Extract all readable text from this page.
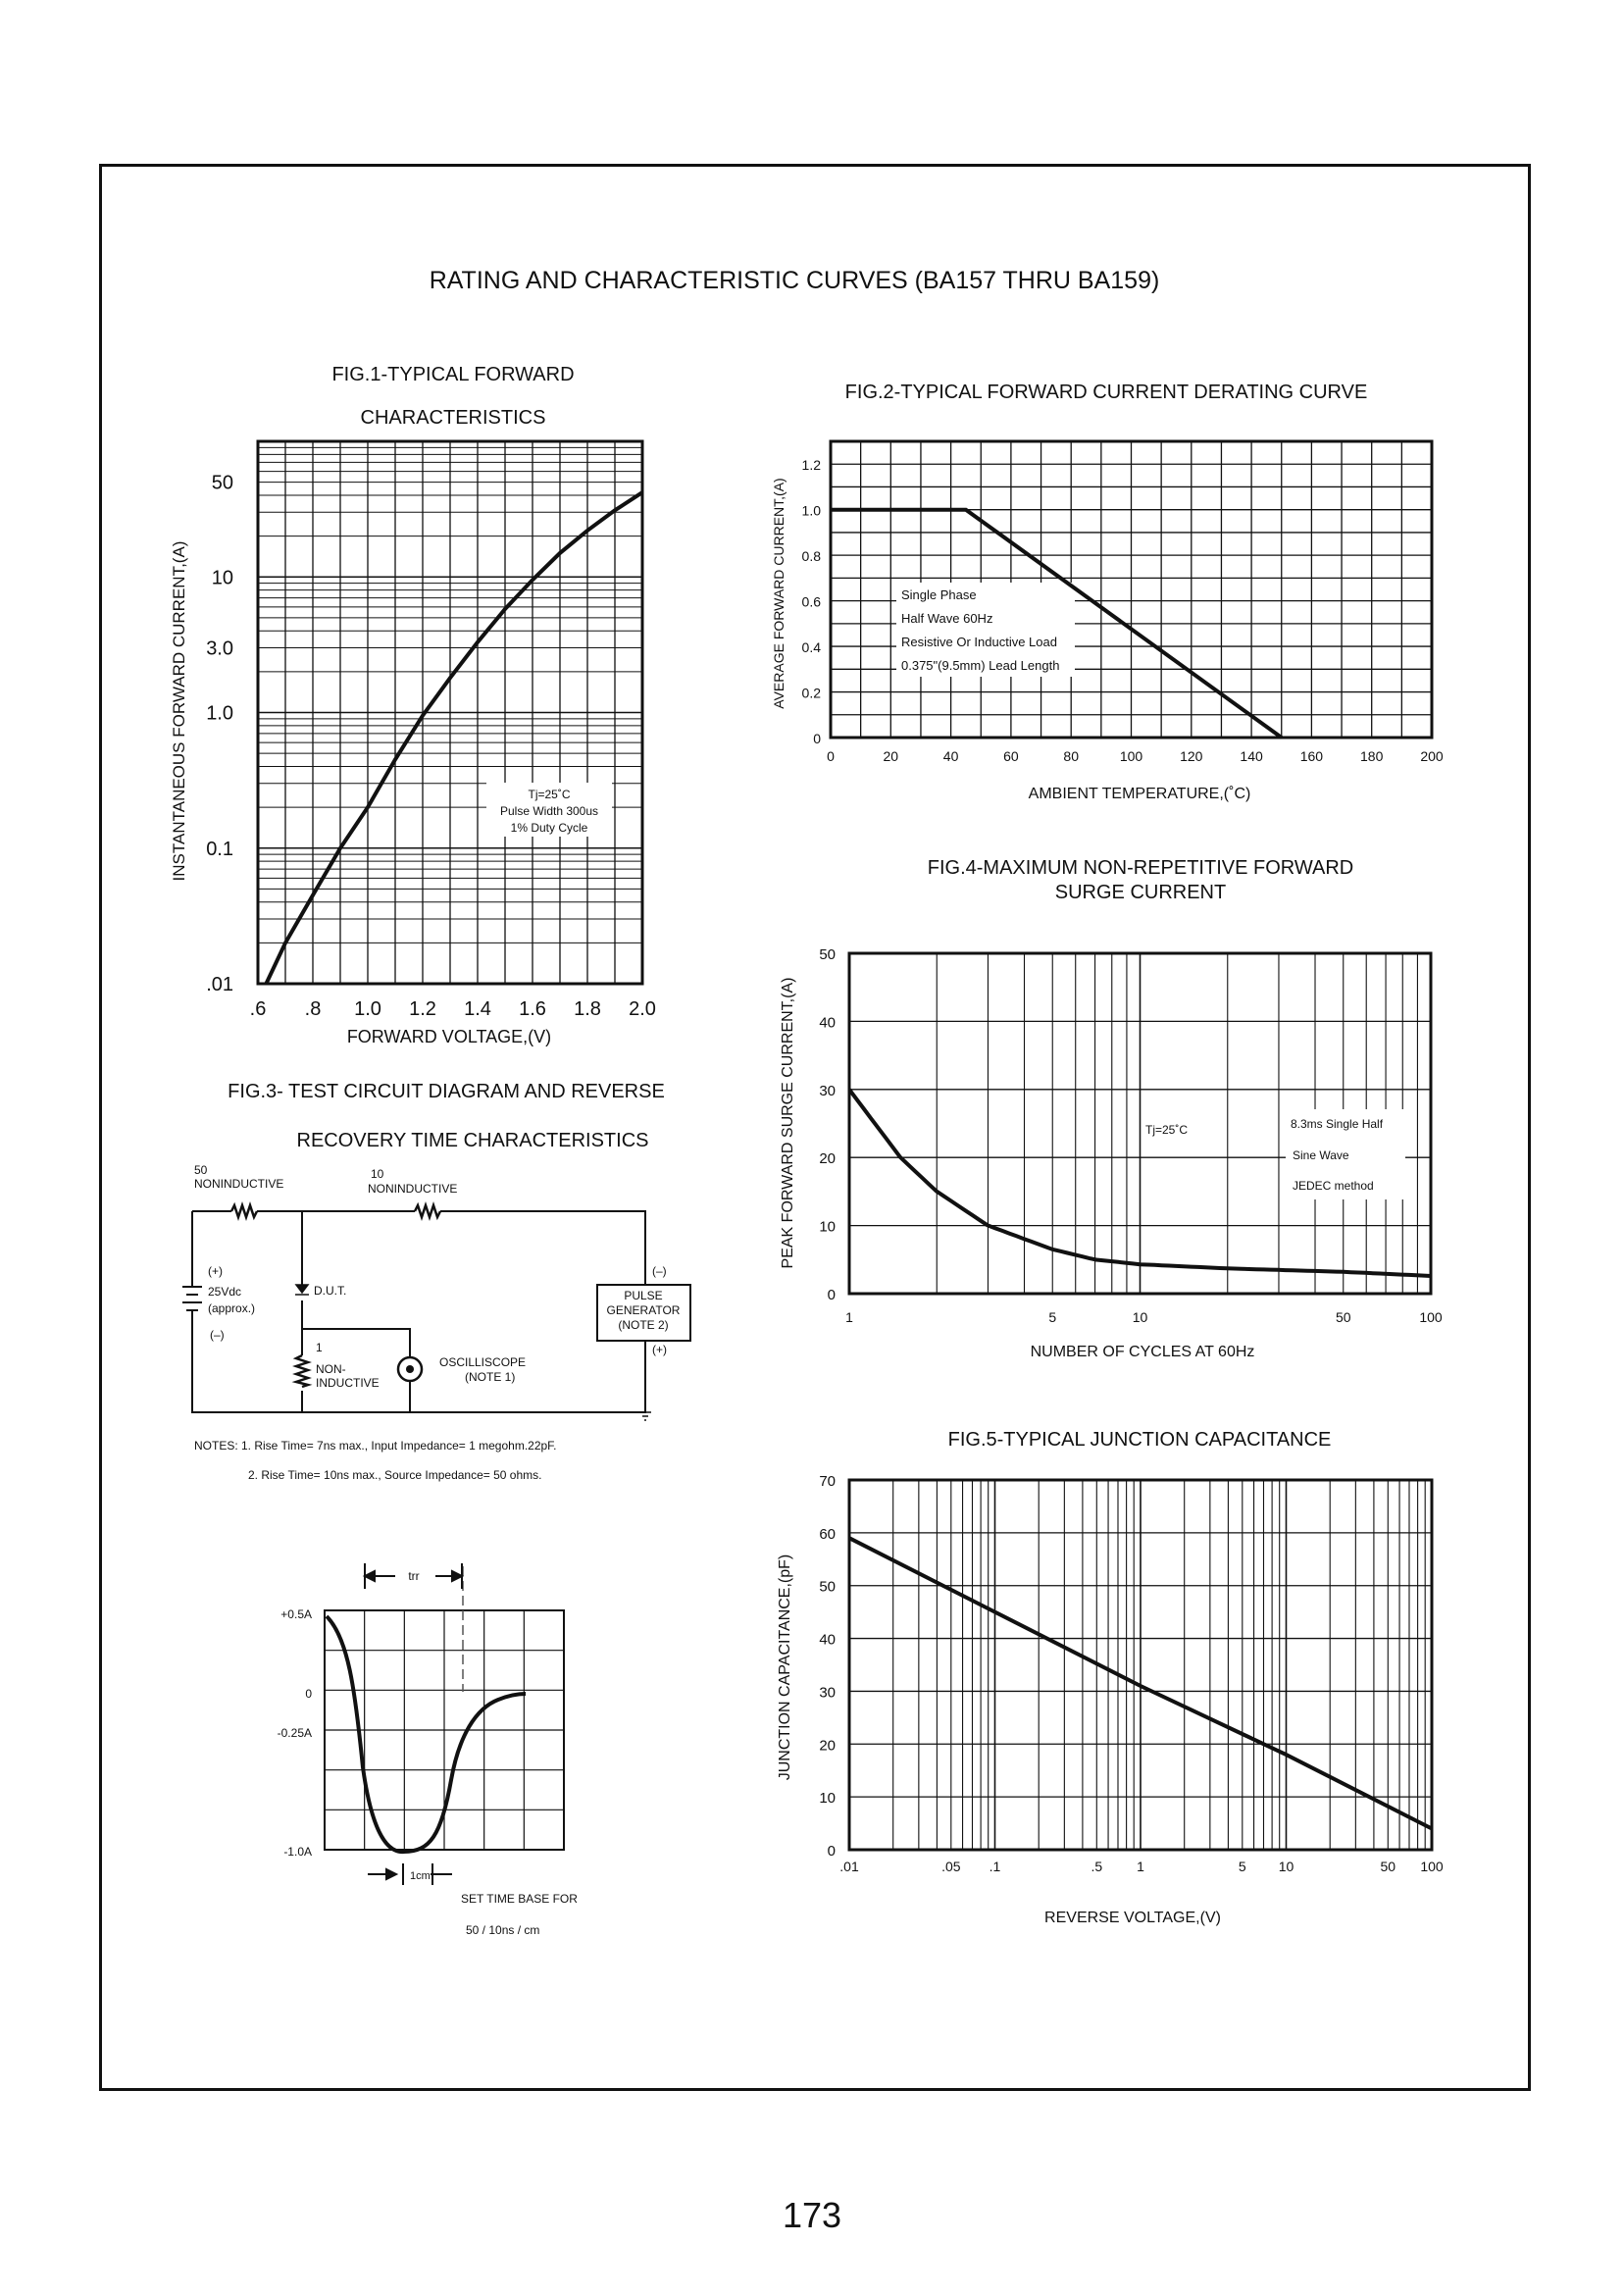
RATING AND CHARACTERISTIC CURVES (BA157 THRU BA159)
FIG.1-TYPICAL FORWARD
CHARACTERISTICS
INSTANTANEOUS FORWARD CURRENT,(A)
FORWARD VOLTAGE,(V)
50
10
3.0
1.0
0.1
.01
.6 .8 1.0 1.2 1.4 1.6 1.8 2.0
Tj=25˚C
Pulse Width 300us
1% Duty Cycle
FIG.2-TYPICAL FORWARD CURRENT DERATING CURVE
AVERAGE FORWARD CURRENT,(A)
AMBIENT TEMPERATURE,(˚C)
1.2
1.0
0.8
0.6
0.4
0.2
0
0	20	40	60	80	100	120	140	160	180	200
Single Phase
Half Wave 60Hz
Resistive Or Inductive Load
0.375"(9.5mm) Lead Length
FIG.3- TEST CIRCUIT DIAGRAM AND REVERSE
RECOVERY TIME CHARACTERISTICS
50
NONINDUCTIVE
10
NONINDUCTIVE
(+)
25Vdc
(approx.)
(–)
D.U.T.
1
NON-
INDUCTIVE
OSCILLISCOPE
(NOTE 1)
(–)
PULSE
GENERATOR
(NOTE 2)
(+)
NOTES: 1. Rise Time= 7ns max., Input Impedance= 1 megohm.22pF.
2. Rise Time= 10ns max., Source Impedance= 50 ohms.
trr
+0.5A
0
-0.25A
-1.0A
1cm
SET TIME BASE FOR
50 / 10ns / cm
FIG.4-MAXIMUM NON-REPETITIVE FORWARD
SURGE CURRENT
PEAK FORWARD SURGE CURRENT,(A)
NUMBER OF CYCLES AT 60Hz
50
40
30
20
10
0
1	5	10	50	100
Tj=25˚C	8.3ms Single Half
Sine Wave
JEDEC method
FIG.5-TYPICAL JUNCTION CAPACITANCE
JUNCTION CAPACITANCE,(pF)
REVERSE VOLTAGE,(V)
70
60
50
40
30
20
10
0
.01	.05 .1	.5 1	5 10	50 100
173
